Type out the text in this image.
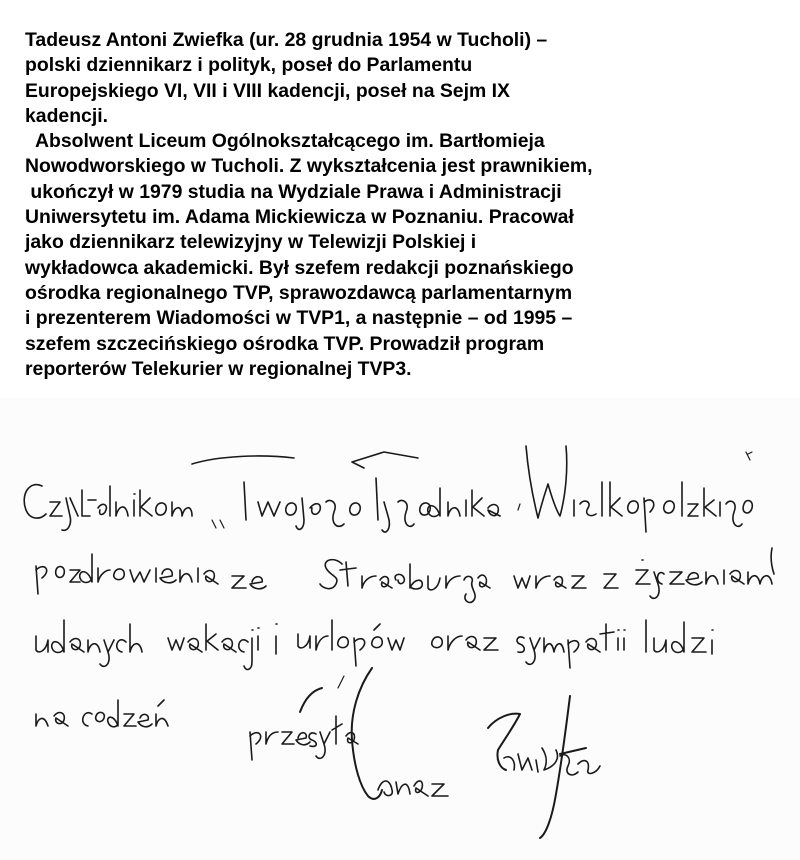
Tadeusz Antoni Zwiefka (ur. 28 grudnia 1954 w Tucholi) –
polski dziennikarz i polityk, poseł do Parlamentu
Europejskiego VI, VII i VIII kadencji, poseł na Sejm IX
kadencji.
Absolwent Liceum Ogólnokształcącego im. Bartłomieja
Nowodworskiego w Tucholi. Z wykształcenia jest prawnikiem,
ukończył w 1979 studia na Wydziale Prawa i Administracji
Uniwersytetu im. Adama Mickiewicza w Poznaniu. Pracował
jako dziennikarz telewizyjny w Telewizji Polskiej i
wykładowca akademicki. Był szefem redakcji poznańskiego
ośrodka regionalnego TVP, sprawozdawcą parlamentarnym
i prezenterem Wiadomości w TVP1, a następnie – od 1995 –
szefem szczecińskiego ośrodka TVP. Prowadził program
reporterów Telekurier w regionalnej TVP3.
